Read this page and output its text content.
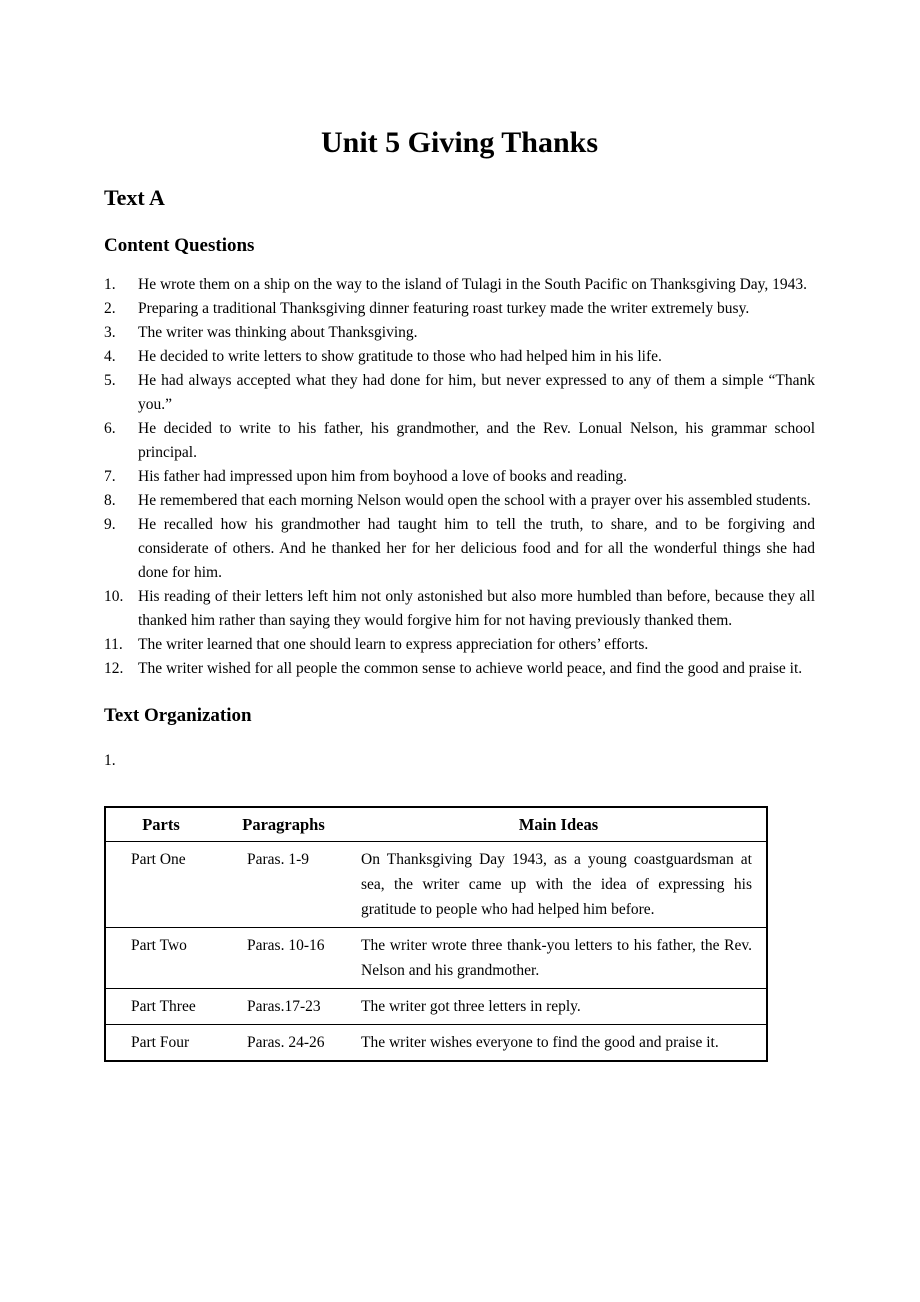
Unit 5 Giving Thanks
Text A
Content Questions
1.	He wrote them on a ship on the way to the island of Tulagi in the South Pacific on Thanksgiving Day, 1943.
2.	Preparing a traditional Thanksgiving dinner featuring roast turkey made the writer extremely busy.
3.	The writer was thinking about Thanksgiving.
4.	He decided to write letters to show gratitude to those who had helped him in his life.
5.	He had always accepted what they had done for him, but never expressed to any of them a simple “Thank you.”
6.	He decided to write to his father, his grandmother, and the Rev. Lonual Nelson, his grammar school principal.
7.	His father had impressed upon him from boyhood a love of books and reading.
8.	He remembered that each morning Nelson would open the school with a prayer over his assembled students.
9.	He recalled how his grandmother had taught him to tell the truth, to share, and to be forgiving and considerate of others. And he thanked her for her delicious food and for all the wonderful things she had done for him.
10. His reading of their letters left him not only astonished but also more humbled than before, because they all thanked him rather than saying they would forgive him for not having previously thanked them.
11. The writer learned that one should learn to express appreciation for others’ efforts.
12. The writer wished for all people the common sense to achieve world peace, and find the good and praise it.
Text Organization
1.
Parts	Paragraphs	Main Ideas
Part One	Paras. 1-9	On Thanksgiving Day 1943, as a young coastguardsman at sea, the writer came up with the idea of expressing his gratitude to people who had helped him before.
Part Two	Paras. 10-16	The writer wrote three thank-you letters to his father, the Rev. Nelson and his grandmother.
Part Three	Paras.17-23	The writer got three letters in reply.
Part Four	Paras. 24-26	The writer wishes everyone to find the good and praise it.
